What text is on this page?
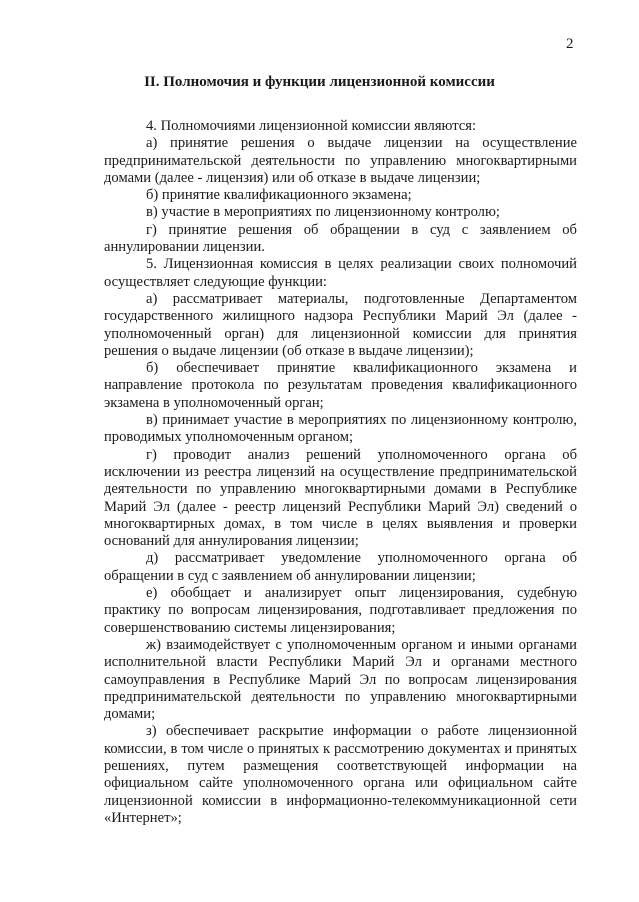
2
II. Полномочия и функции лицензионной комиссии

4. Полномочиями лицензионной комиссии являются:

а) принятие решения о выдаче лицензии на осуществление предпринимательской деятельности по управлению многоквартирными домами (далее - лицензия) или об отказе в выдаче лицензии;

б) принятие квалификационного экзамена;

в) участие в мероприятиях по лицензионному контролю;

г) принятие решения об обращении в суд с заявлением об аннулировании лицензии.

5. Лицензионная комиссия в целях реализации своих полномочий осуществляет следующие функции:

а) рассматривает материалы, подготовленные Департаментом государственного жилищного надзора Республики Марий Эл (далее - уполномоченный орган) для лицензионной комиссии для принятия решения о выдаче лицензии (об отказе в выдаче лицензии);

б) обеспечивает принятие квалификационного экзамена и направление протокола по результатам проведения квалификационного экзамена в уполномоченный орган;

в) принимает участие в мероприятиях по лицензионному контролю, проводимых уполномоченным органом;

г) проводит анализ решений уполномоченного органа об исключении из реестра лицензий на осуществление предпринимательской деятельности по управлению многоквартирными домами в Республике Марий Эл (далее - реестр лицензий Республики Марий Эл) сведений о многоквартирных домах, в том числе в целях выявления и проверки оснований для аннулирования лицензии;

д) рассматривает уведомление уполномоченного органа об обращении в суд с заявлением об аннулировании лицензии;

е) обобщает и анализирует опыт лицензирования, судебную практику по вопросам лицензирования, подготавливает предложения по совершенствованию системы лицензирования;

ж) взаимодействует с уполномоченным органом и иными органами исполнительной власти Республики Марий Эл и органами местного самоуправления в Республике Марий Эл по вопросам лицензирования предпринимательской деятельности по управлению многоквартирными домами;

з) обеспечивает раскрытие информации о работе лицензионной комиссии, в том числе о принятых к рассмотрению документах и принятых решениях, путем размещения соответствующей информации на официальном сайте уполномоченного органа или официальном сайте лицензионной комиссии в информационно-телекоммуникационной сети «Интернет»;
